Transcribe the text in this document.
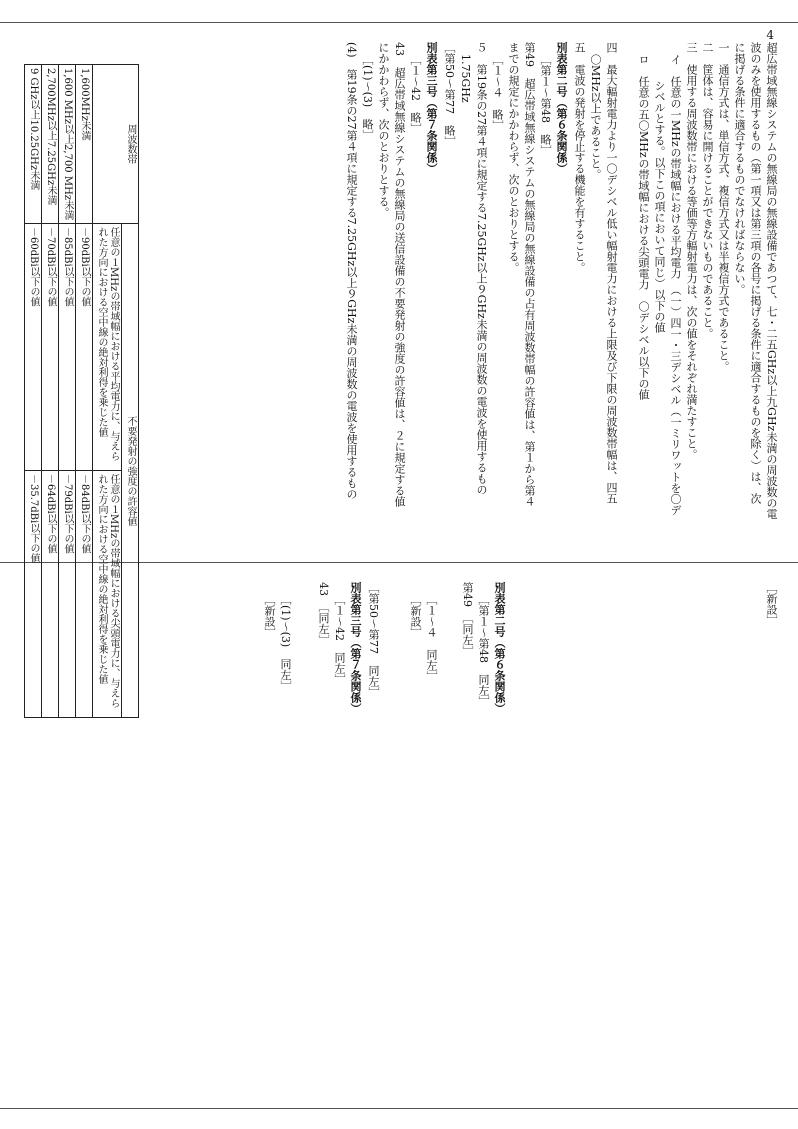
4
超広帯域無線システムの無線局の無線設備であつて、七・二五GHz以上九GHz未満の周波数の電
波のみを使用するもの（第一項又は第三項の各号に掲げる条件に適合するものを除く）は、次
に掲げる条件に適合するものでなければならない。
一　通信方式は、単信方式、複信方式又は半複信方式であること。
二　筐体は、容易に開けることができないものであること。
三　使用する周波数帯における等価等方輻射電力は、次の値をそれぞれ満たすこと。
イ　任意の一MHzの帯域幅における平均電力　（一）四一・三デシベル（一ミリワットを〇デ
シベルとする。以下この項において同じ）以下の値
ロ　任意の五〇MHzの帯域幅における尖頭電力　〇デシベル以下の値
四　最大輻射電力より一〇デシベル低い幅射電力における上限及び下限の周波数帯幅は、四五
〇MHz以上であること。
五　電波の発射を停止する機能を有すること。
別表第二号（第６条関係）
［第１～第48　略］
第49　超広帯域無線システムの無線局の無線設備の占有周波数帯幅の許容値は、第１から第４
までの規定にかかわらず、次のとおりとする。
［１～４　略］
５　第19条の27第４項に規定する7.25GHz以上９GHz未満の周波数の電波を使用するもの
1.75GHz
［第50～第77　略］
別表第三号（第７条関係）
［１～42　略］
43　超広帯域無線システムの無線局の送信設備の不要発射の強度の許容値は、２に規定する値
にかかわらず、次のとおりとする。
［(1)～(3)　略］
(4)　第19条の27第４項に規定する7.25GHz以上９GHz未満の周波数の電波を使用するもの
周波数帯	不要発射の強度の許容値
任意の１MHzの帯域幅における平均電力に、与えられた方向における空中線の絶対利得を乗じた値	任意の１MHzの帯域幅における尖頭電力に、与えられた方向における空中線の絶対利得を乗じた値
1,600MHz未満	－90dBi以下の値	－84dBi以下の値
1,600 MHz以上2,700 MHz未満	－85dBi以下の値	－79dBi以下の値
2,700MHz以上7.25GHz未満	－70dBi以下の値	－64dBi以下の値
9 GHz以上10.25GHz未満	－60dBi以下の値	－35.7dBi以下の値
［新設］
別表第二号（第６条関係）
［第１～第48　同左］
第49　［同左］
［１～４　同左］
［新設］
［第50～第77　同左］
別表第三号（第７条関係）
［１～42　同左］
43　［同左］
［(1)～(3)　同左］
［新設］
